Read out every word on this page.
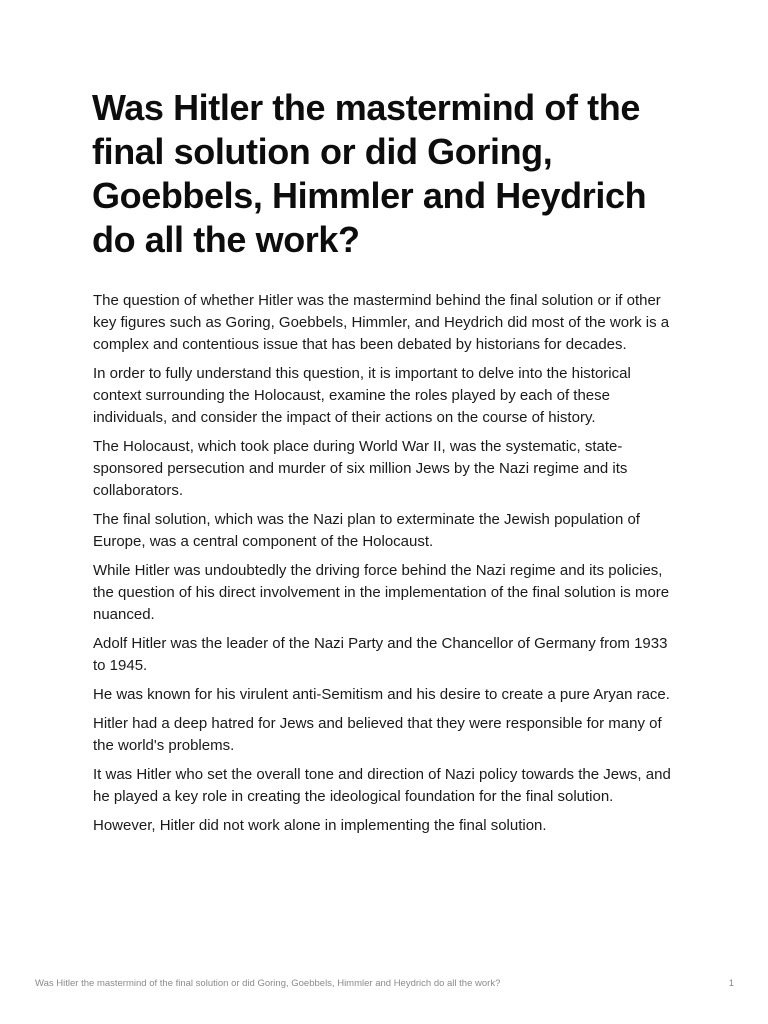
Was Hitler the mastermind of the final solution or did Goring, Goebbels, Himmler and Heydrich do all the work?

The question of whether Hitler was the mastermind behind the final solution or if other key figures such as Goring, Goebbels, Himmler, and Heydrich did most of the work is a complex and contentious issue that has been debated by historians for decades.

In order to fully understand this question, it is important to delve into the historical context surrounding the Holocaust, examine the roles played by each of these individuals, and consider the impact of their actions on the course of history.

The Holocaust, which took place during World War II, was the systematic, state-sponsored persecution and murder of six million Jews by the Nazi regime and its collaborators.

The final solution, which was the Nazi plan to exterminate the Jewish population of Europe, was a central component of the Holocaust.

While Hitler was undoubtedly the driving force behind the Nazi regime and its policies, the question of his direct involvement in the implementation of the final solution is more nuanced.

Adolf Hitler was the leader of the Nazi Party and the Chancellor of Germany from 1933 to 1945.

He was known for his virulent anti-Semitism and his desire to create a pure Aryan race.

Hitler had a deep hatred for Jews and believed that they were responsible for many of the world's problems.

It was Hitler who set the overall tone and direction of Nazi policy towards the Jews, and he played a key role in creating the ideological foundation for the final solution.

However, Hitler did not work alone in implementing the final solution.

Was Hitler the mastermind of the final solution or did Goring, Goebbels, Himmler and Heydrich do all the work?	1
